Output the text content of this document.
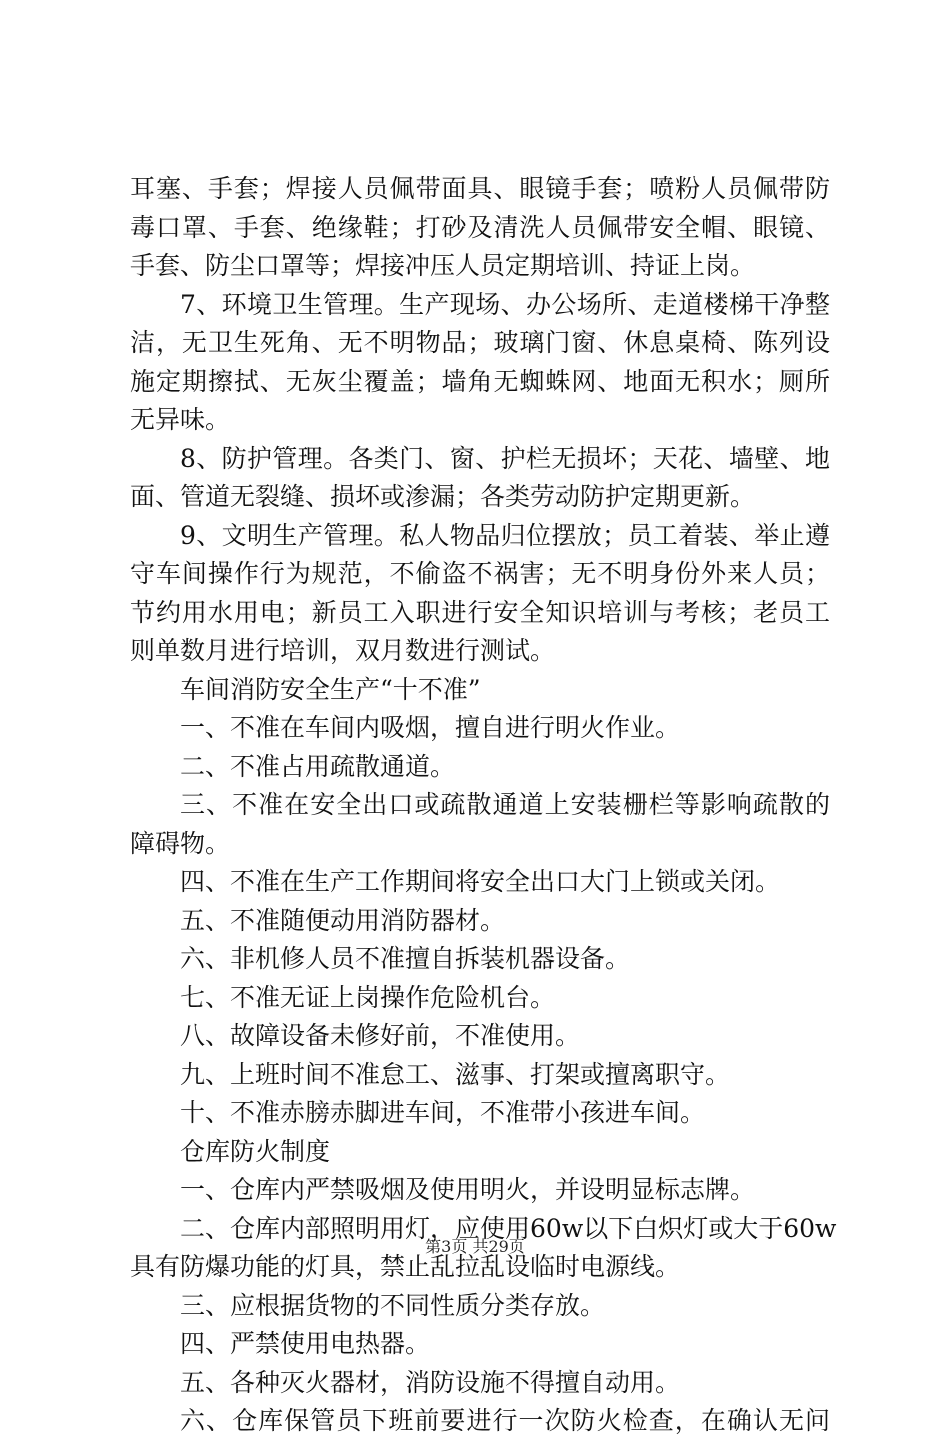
耳塞、手套；焊接人员佩带面具、眼镜手套；喷粉人员佩带防
毒口罩、手套、绝缘鞋；打砂及清洗人员佩带安全帽、眼镜、
手套、防尘口罩等；焊接冲压人员定期培训、持证上岗。
7、环境卫生管理。生产现场、办公场所、走道楼梯干净整
洁，无卫生死角、无不明物品；玻璃门窗、休息桌椅、陈列设
施定期擦拭、无灰尘覆盖；墙角无蜘蛛网、地面无积水；厕所
无异味。
8、防护管理。各类门、窗、护栏无损坏；天花、墙壁、地
面、管道无裂缝、损坏或渗漏；各类劳动防护定期更新。
9、文明生产管理。私人物品归位摆放；员工着装、举止遵
守车间操作行为规范，不偷盗不祸害；无不明身份外来人员；
节约用水用电；新员工入职进行安全知识培训与考核；老员工
则单数月进行培训，双月数进行测试。
车间消防安全生产“十不准”
一、不准在车间内吸烟，擅自进行明火作业。
二、不准占用疏散通道。
三、不准在安全出口或疏散通道上安装栅栏等影响疏散的
障碍物。
四、不准在生产工作期间将安全出口大门上锁或关闭。
五、不准随便动用消防器材。
六、非机修人员不准擅自拆装机器设备。
七、不准无证上岗操作危险机台。
八、故障设备未修好前，不准使用。
九、上班时间不准怠工、滋事、打架或擅离职守。
十、不准赤膀赤脚进车间，不准带小孩进车间。
仓库防火制度
一、仓库内严禁吸烟及使用明火，并设明显标志牌。
二、仓库内部照明用灯，应使用60w以下白炽灯或大于60w
具有防爆功能的灯具，禁止乱拉乱设临时电源线。
三、应根据货物的不同性质分类存放。
四、严禁使用电热器。
五、各种灭火器材，消防设施不得擅自动用。
六、仓库保管员下班前要进行一次防火检查，在确认无问
第3页 共29页
